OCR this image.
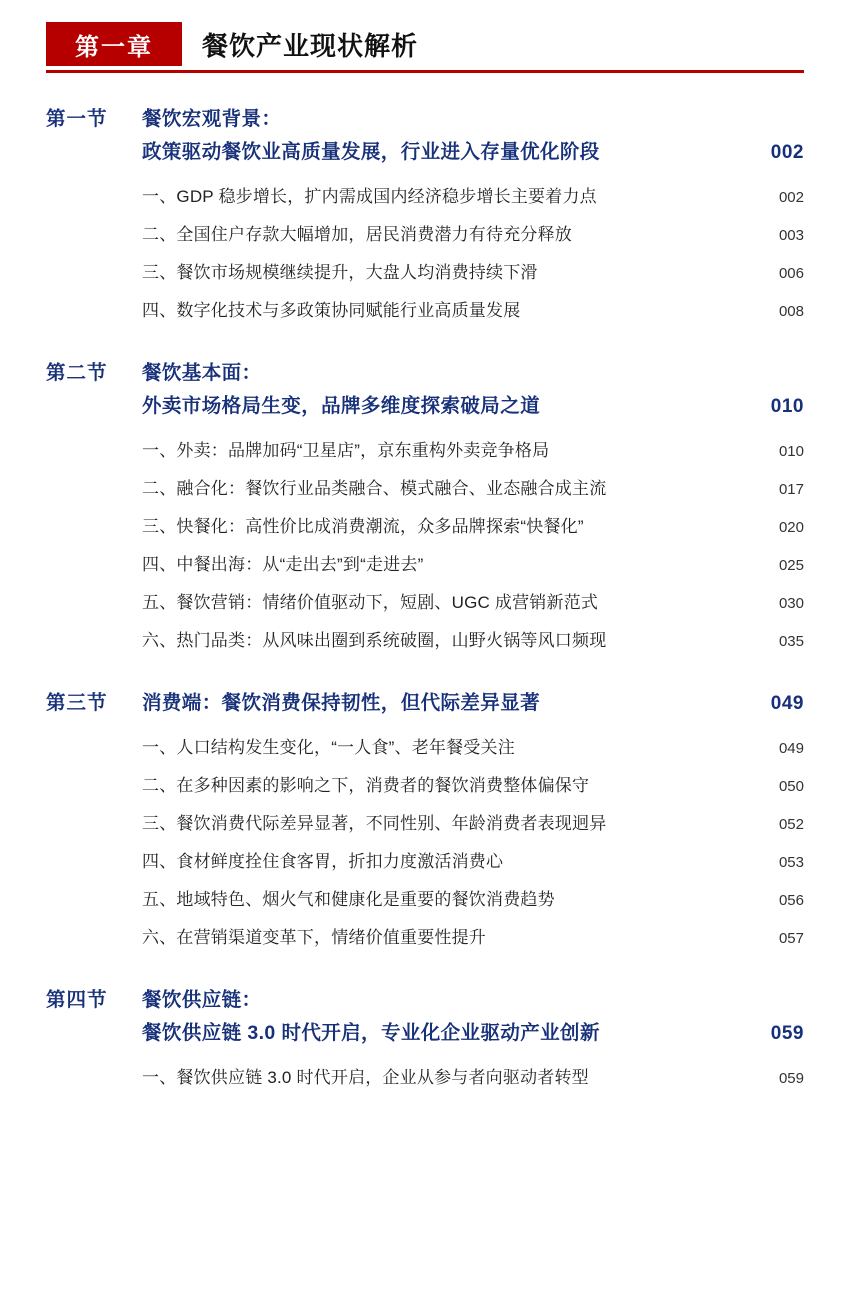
第一章	餐饮产业现状解析
第一节	餐饮宏观背景：
政策驱动餐饮业高质量发展，行业进入存量优化阶段	002
一、GDP 稳步增长，扩内需成国内经济稳步增长主要着力点	002
二、全国住户存款大幅增加，居民消费潜力有待充分释放	003
三、餐饮市场规模继续提升，大盘人均消费持续下滑	006
四、数字化技术与多政策协同赋能行业高质量发展	008
第二节	餐饮基本面：
外卖市场格局生变，品牌多维度探索破局之道	010
一、外卖：品牌加码“卫星店”，京东重构外卖竞争格局	010
二、融合化：餐饮行业品类融合、模式融合、业态融合成主流	017
三、快餐化：高性价比成消费潮流，众多品牌探索“快餐化”	020
四、中餐出海：从“走出去”到“走进去”	025
五、餐饮营销：情绪价值驱动下，短剧、UGC 成营销新范式	030
六、热门品类：从风味出圈到系统破圈，山野火锅等风口频现	035
第三节	消费端：餐饮消费保持韧性，但代际差异显著	049
一、人口结构发生变化，“一人食”、老年餐受关注	049
二、在多种因素的影响之下，消费者的餐饮消费整体偏保守	050
三、餐饮消费代际差异显著，不同性别、年龄消费者表现迥异	052
四、食材鲜度拴住食客胃，折扣力度激活消费心	053
五、地域特色、烟火气和健康化是重要的餐饮消费趋势	056
六、在营销渠道变革下，情绪价值重要性提升	057
第四节	餐饮供应链：
餐饮供应链 3.0 时代开启，专业化企业驱动产业创新	059
一、餐饮供应链 3.0 时代开启，企业从参与者向驱动者转型	059
